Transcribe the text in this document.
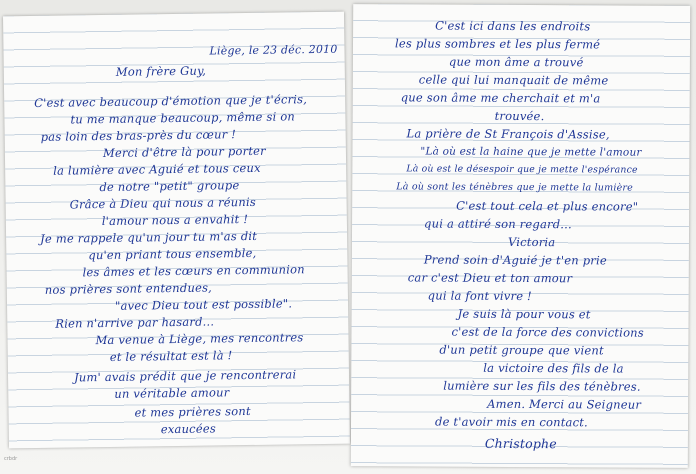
Liège, le 23 déc. 2010
Mon frère Guy,
C'est avec beaucoup d'émotion que je t'écris,
tu me manque beaucoup, même si on
pas loin des bras-près du cœur !
Merci d'être là pour porter
la lumière avec Aguié et tous ceux
de notre "petit" groupe
Grâce à Dieu qui nous a réunis
l'amour nous a envahit !
Je me rappele qu'un jour tu m'as dit
qu'en priant tous ensemble,
les âmes et les cœurs en communion
nos prières sont entendues,
"avec Dieu tout est possible".
Rien n'arrive par hasard...
Ma venue à Liège, mes rencontres
et le résultat est là !
Jum' avais prédit que je rencontrerai
un véritable amour
et mes prières sont
exaucées
C'est ici dans les endroits
les plus sombres et les plus fermé
que mon âme a trouvé
celle qui lui manquait de même
que son âme me cherchait et m'a
trouvée.
La prière de St François d'Assise,
"Là où est la haine que je mette l'amour
Là où est le désespoir que je mette l'espérance
Là où sont les ténèbres que je mette la lumière
C'est tout cela et plus encore"
qui a attiré son regard...
Victoria
Prend soin d'Aguié je t'en prie
car c'est Dieu et ton amour
qui la font vivre !
Je suis là pour vous et
c'est de la force des convictions
d'un petit groupe que vient
la victoire des fils de la
lumière sur les fils des ténèbres.
Amen. Merci au Seigneur
de t'avoir mis en contact.
Christophe
crbdr
